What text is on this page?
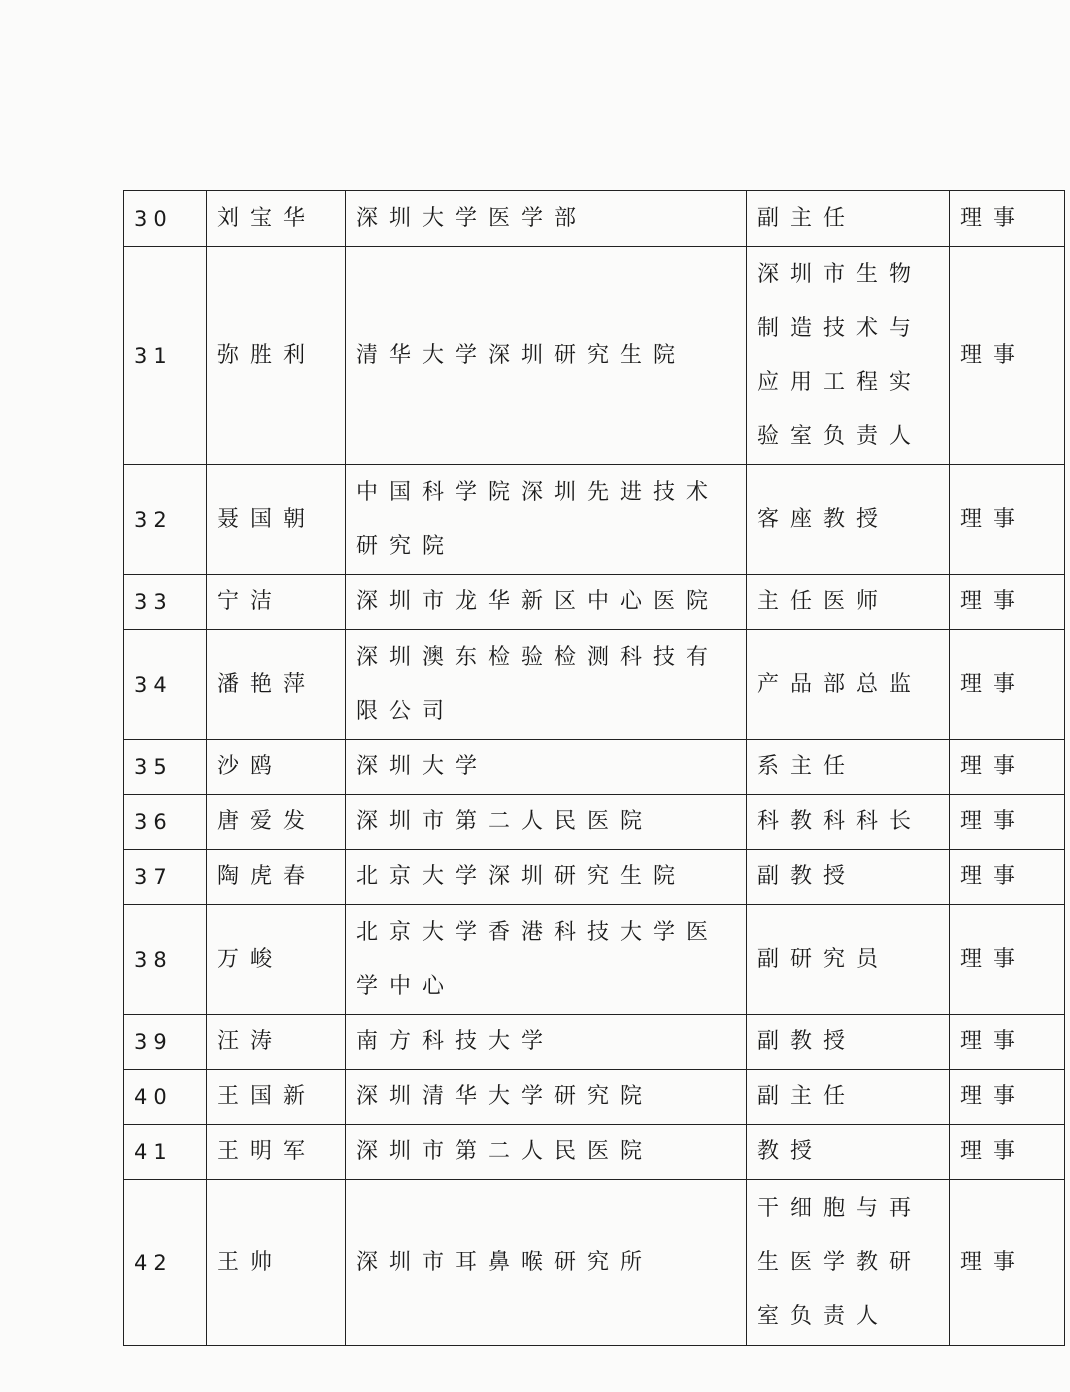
30	刘宝华	深圳大学医学部	副主任	理事
31	弥胜利	清华大学深圳研究生院	深圳市生物制造技术与应用工程实验室负责人	理事
32	聂国朝	中国科学院深圳先进技术研究院	客座教授	理事
33	宁洁	深圳市龙华新区中心医院	主任医师	理事
34	潘艳萍	深圳澳东检验检测科技有限公司	产品部总监	理事
35	沙鸥	深圳大学	系主任	理事
36	唐爱发	深圳市第二人民医院	科教科科长	理事
37	陶虎春	北京大学深圳研究生院	副教授	理事
38	万峻	北京大学香港科技大学医学中心	副研究员	理事
39	汪涛	南方科技大学	副教授	理事
40	王国新	深圳清华大学研究院	副主任	理事
41	王明军	深圳市第二人民医院	教授	理事
42	王帅	深圳市耳鼻喉研究所	干细胞与再生医学教研室负责人	理事
